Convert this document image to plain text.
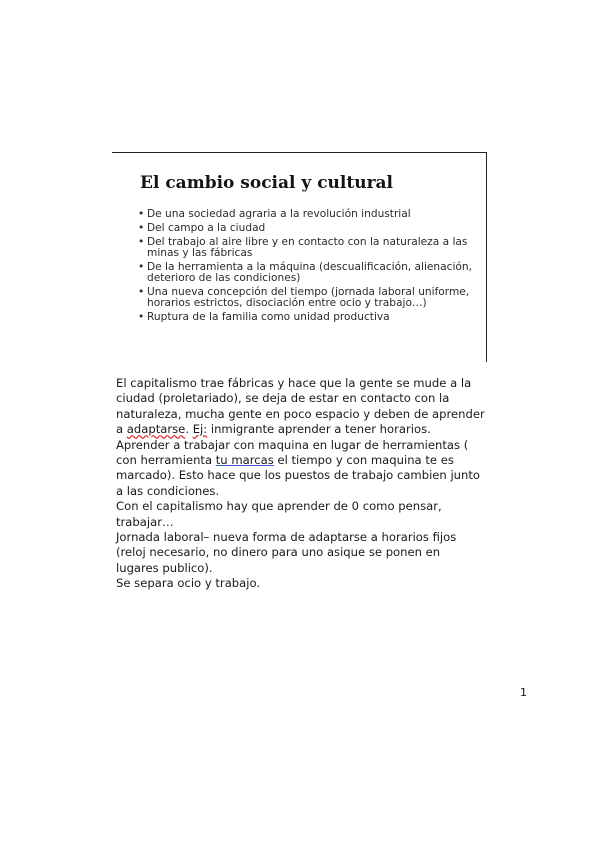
El cambio social y cultural
• De una sociedad agraria a la revolución industrial
• Del campo a la ciudad
• Del trabajo al aire libre y en contacto con la naturaleza a las minas y las fábricas
• De la herramienta a la máquina (descualificación, alienación, deterioro de las condiciones)
• Una nueva concepción del tiempo (jornada laboral uniforme, horarios estrictos, disociación entre ocio y trabajo…)
• Ruptura de la familia como unidad productiva

El capitalismo trae fábricas y hace que la gente se mude a la ciudad (proletariado), se deja de estar en contacto con la naturaleza, mucha gente en poco espacio y deben de aprender a adaptarse. Ej: inmigrante aprender a tener horarios.

Aprender a trabajar con maquina en lugar de herramientas ( con herramienta tu marcas el tiempo y con maquina te es marcado). Esto hace que los puestos de trabajo cambien junto a las condiciones.

Con el capitalismo hay que aprender de 0 como pensar, trabajar…

Jornada laboral– nueva forma de adaptarse a horarios fijos (reloj necesario, no dinero para uno asique se ponen en lugares publico).

Se separa ocio y trabajo.

1
